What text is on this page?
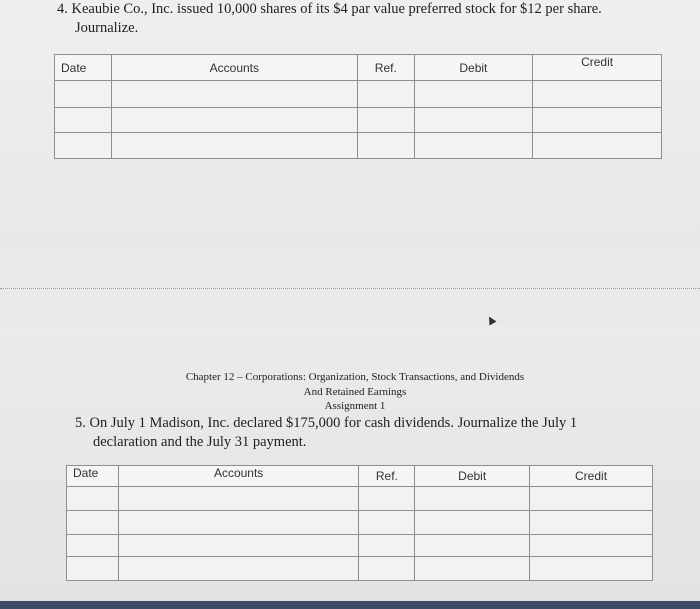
4. Keaubie Co., Inc. issued 10,000 shares of its $4 par value preferred stock for $12 per share.
Journalize.
Date	Accounts	Ref.	Debit	Credit

Chapter 12 – Corporations: Organization, Stock Transactions, and Dividends
And Retained Earnings
Assignment 1
5. On July 1 Madison, Inc. declared $175,000 for cash dividends. Journalize the July 1
declaration and the July 31 payment.
Date	Accounts	Ref.	Debit	Credit
